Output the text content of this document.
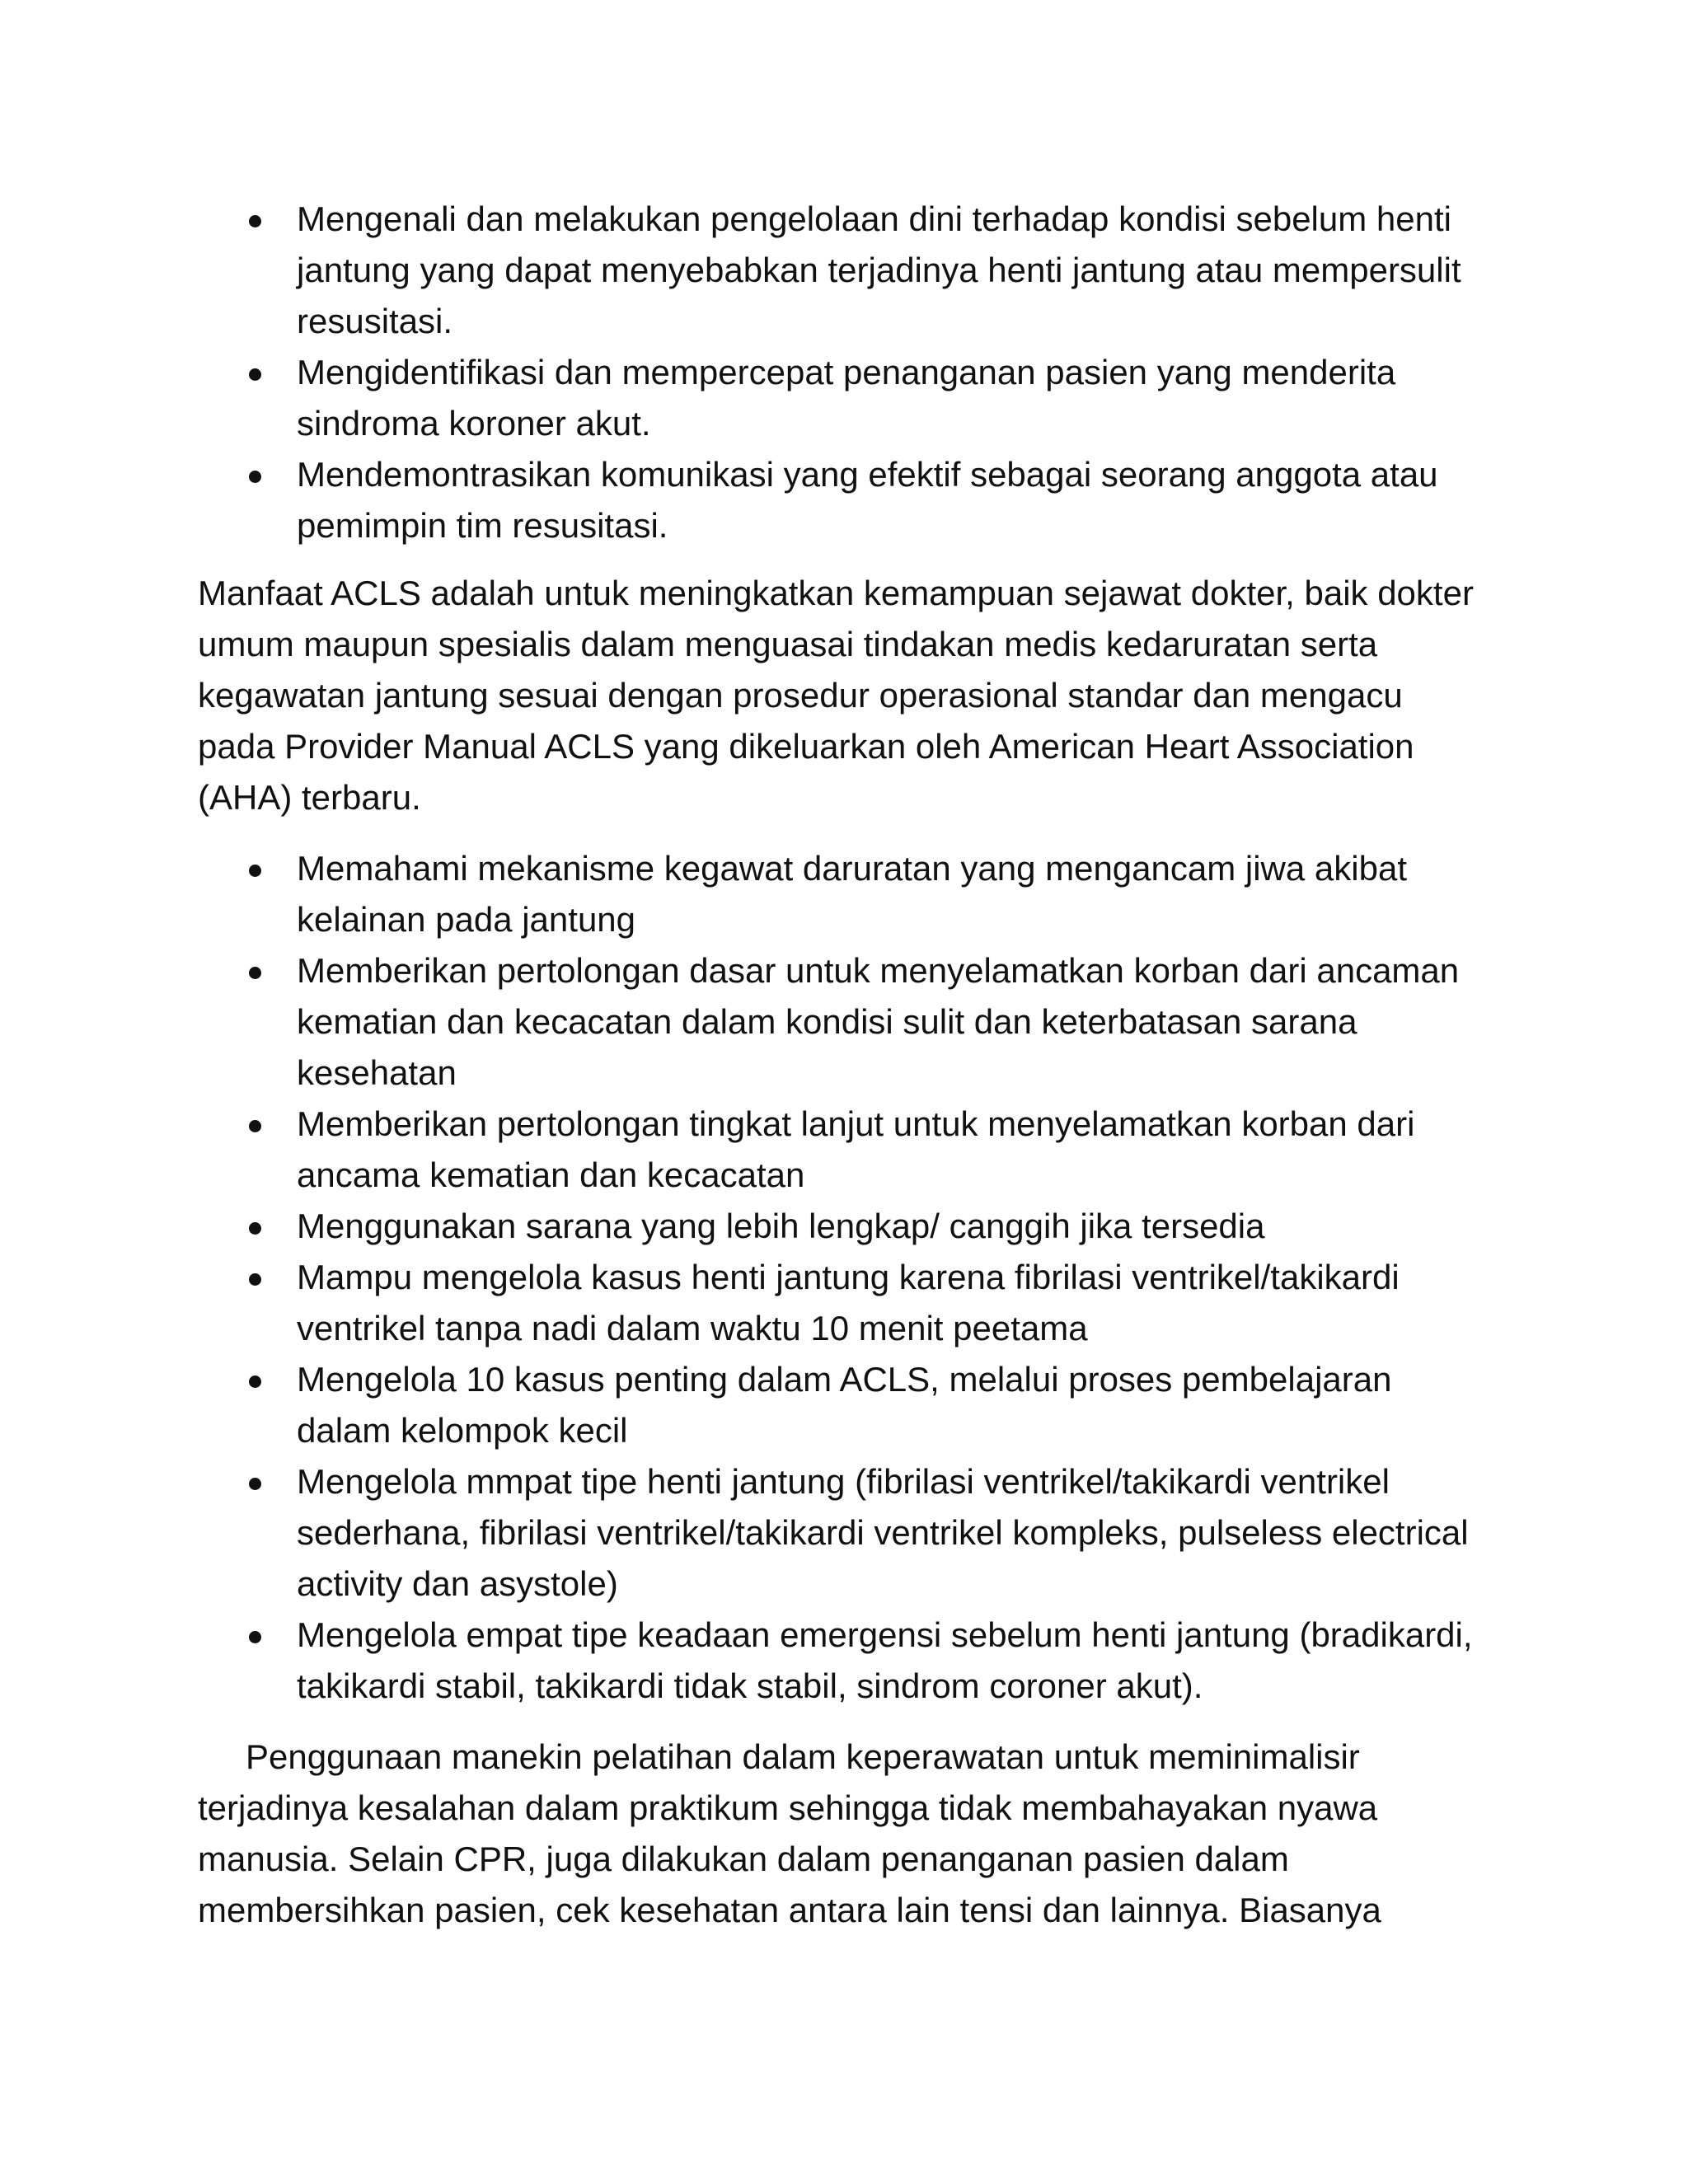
Mengenali dan melakukan pengelolaan dini terhadap kondisi sebelum henti jantung yang dapat menyebabkan terjadinya henti jantung atau mempersulit resusitasi.
Mengidentifikasi dan mempercepat penanganan pasien yang menderita sindroma koroner akut.
Mendemontrasikan komunikasi yang efektif sebagai seorang anggota atau pemimpin tim resusitasi.

Manfaat ACLS adalah untuk meningkatkan kemampuan sejawat dokter, baik dokter umum maupun spesialis dalam menguasai tindakan medis kedaruratan serta kegawatan jantung sesuai dengan prosedur operasional standar dan mengacu pada Provider Manual ACLS yang dikeluarkan oleh American Heart Association (AHA) terbaru.

Memahami mekanisme kegawat daruratan yang mengancam jiwa akibat kelainan pada jantung
Memberikan pertolongan dasar untuk menyelamatkan korban dari ancaman kematian dan kecacatan dalam kondisi sulit dan keterbatasan sarana kesehatan
Memberikan pertolongan tingkat lanjut untuk menyelamatkan korban dari ancama kematian dan kecacatan
Menggunakan sarana yang lebih lengkap/ canggih jika tersedia
Mampu mengelola kasus henti jantung karena fibrilasi ventrikel/takikardi ventrikel tanpa nadi dalam waktu 10 menit peetama
Mengelola 10 kasus penting dalam ACLS, melalui proses pembelajaran dalam kelompok kecil
Mengelola mmpat tipe henti jantung (fibrilasi ventrikel/takikardi ventrikel sederhana, fibrilasi ventrikel/takikardi ventrikel kompleks, pulseless electrical activity dan asystole)
Mengelola empat tipe keadaan emergensi sebelum henti jantung (bradikardi, takikardi stabil, takikardi tidak stabil, sindrom coroner akut).

Penggunaan manekin pelatihan dalam keperawatan untuk meminimalisir terjadinya kesalahan dalam praktikum sehingga tidak membahayakan nyawa manusia. Selain CPR, juga dilakukan dalam penanganan pasien dalam membersihkan pasien, cek kesehatan antara lain tensi dan lainnya. Biasanya
